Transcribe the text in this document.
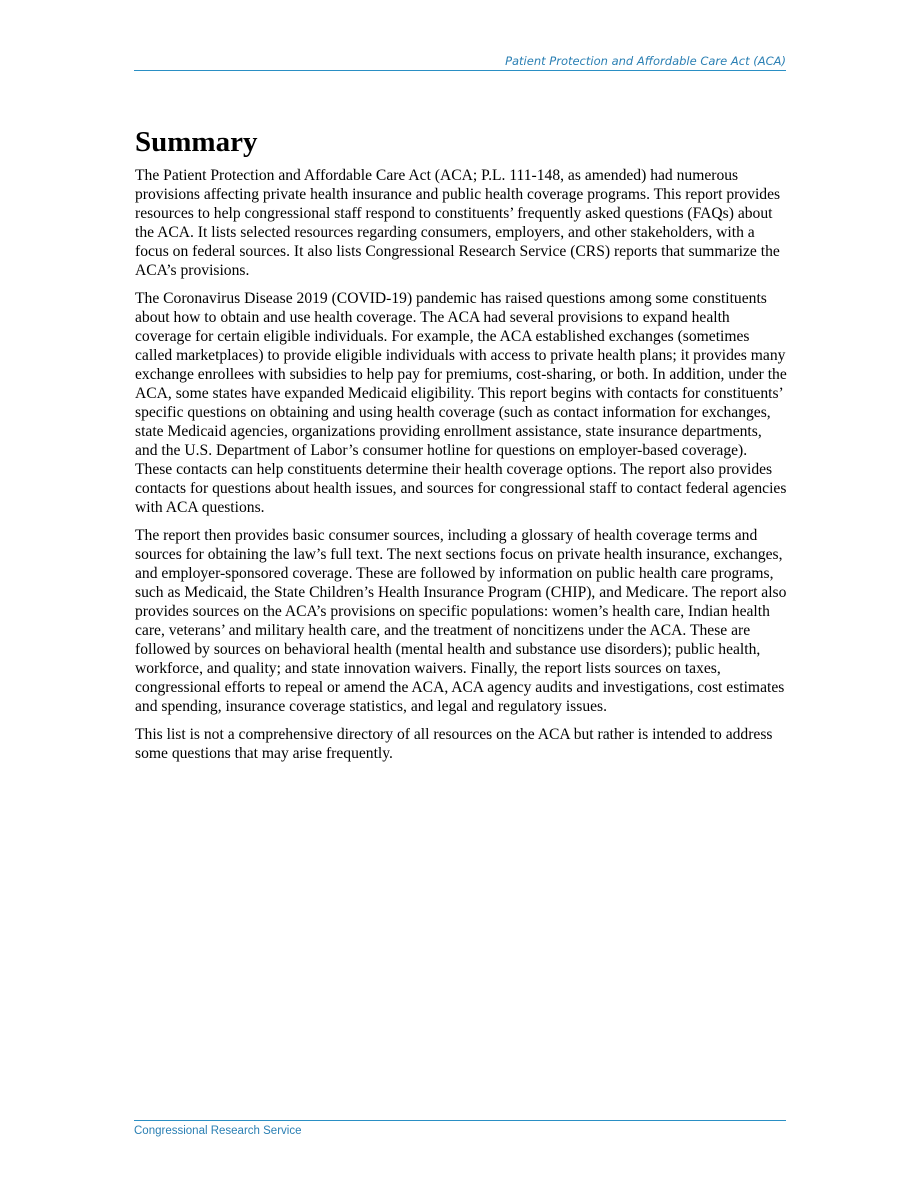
Patient Protection and Affordable Care Act (ACA)
Summary

The Patient Protection and Affordable Care Act (ACA; P.L. 111-148, as amended) had numerous provisions affecting private health insurance and public health coverage programs. This report provides resources to help congressional staff respond to constituents’ frequently asked questions (FAQs) about the ACA. It lists selected resources regarding consumers, employers, and other stakeholders, with a focus on federal sources. It also lists Congressional Research Service (CRS) reports that summarize the ACA’s provisions.

The Coronavirus Disease 2019 (COVID-19) pandemic has raised questions among some constituents about how to obtain and use health coverage. The ACA had several provisions to expand health coverage for certain eligible individuals. For example, the ACA established exchanges (sometimes called marketplaces) to provide eligible individuals with access to private health plans; it provides many exchange enrollees with subsidies to help pay for premiums, cost-sharing, or both. In addition, under the ACA, some states have expanded Medicaid eligibility. This report begins with contacts for constituents’ specific questions on obtaining and using health coverage (such as contact information for exchanges, state Medicaid agencies, organizations providing enrollment assistance, state insurance departments, and the U.S. Department of Labor’s consumer hotline for questions on employer-based coverage). These contacts can help constituents determine their health coverage options. The report also provides contacts for questions about health issues, and sources for congressional staff to contact federal agencies with ACA questions.

The report then provides basic consumer sources, including a glossary of health coverage terms and sources for obtaining the law’s full text. The next sections focus on private health insurance, exchanges, and employer-sponsored coverage. These are followed by information on public health care programs, such as Medicaid, the State Children’s Health Insurance Program (CHIP), and Medicare. The report also provides sources on the ACA’s provisions on specific populations: women’s health care, Indian health care, veterans’ and military health care, and the treatment of noncitizens under the ACA. These are followed by sources on behavioral health (mental health and substance use disorders); public health, workforce, and quality; and state innovation waivers. Finally, the report lists sources on taxes, congressional efforts to repeal or amend the ACA, ACA agency audits and investigations, cost estimates and spending, insurance coverage statistics, and legal and regulatory issues.

This list is not a comprehensive directory of all resources on the ACA but rather is intended to address some questions that may arise frequently.

Congressional Research Service
